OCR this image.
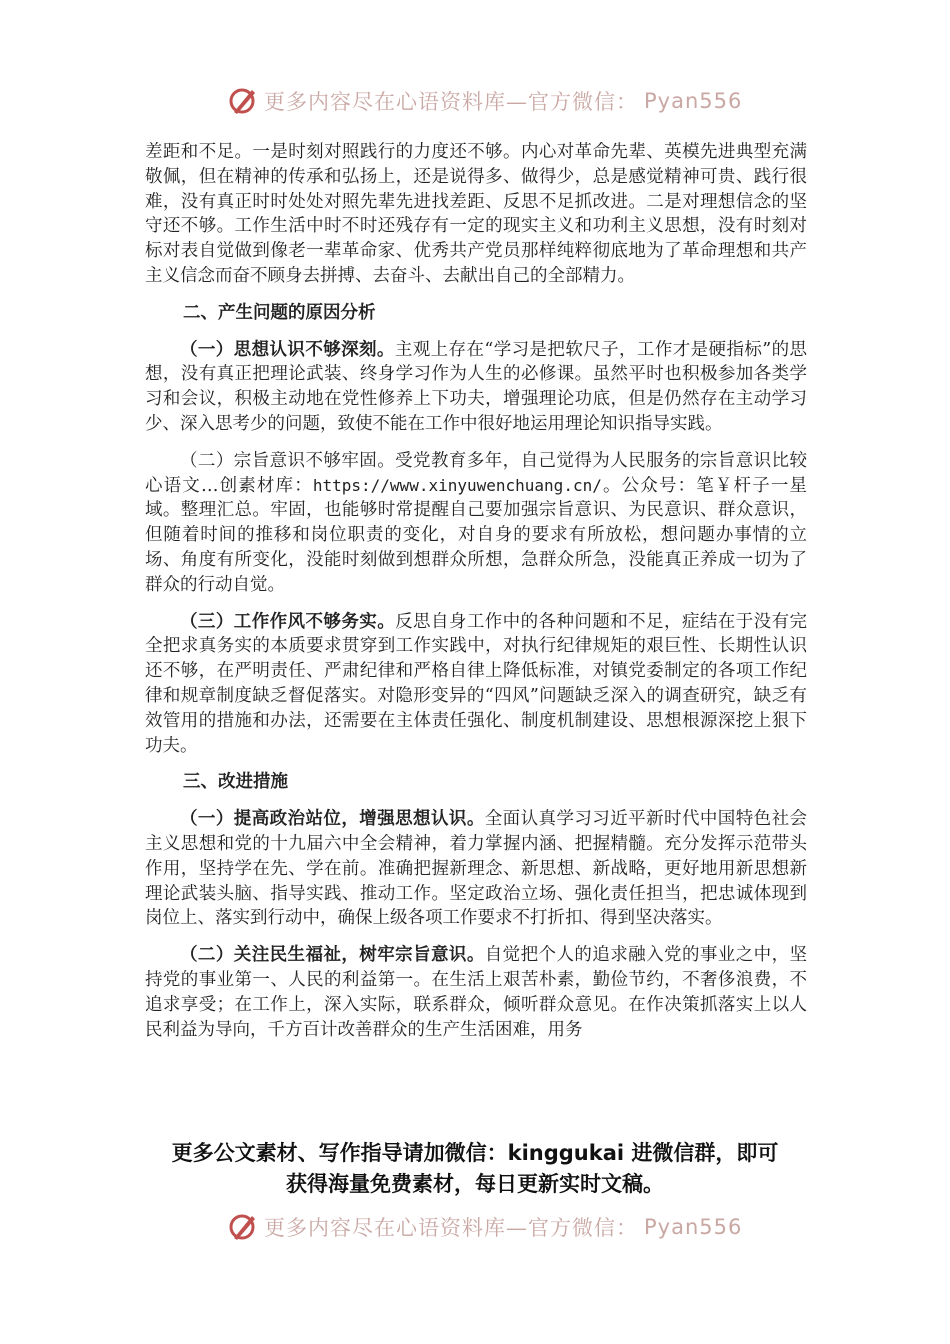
更多内容尽在心语资料库—官方微信： Pyan556

差距和不足。一是时刻对照践行的力度还不够。内心对革命先辈、英模先进典型充满敬佩，但在精神的传承和弘扬上，还是说得多、做得少，总是感觉精神可贵、践行很难，没有真正时时处处对照先辈先进找差距、反思不足抓改进。二是对理想信念的坚守还不够。工作生活中时不时还残存有一定的现实主义和功利主义思想，没有时刻对标对表自觉做到像老一辈革命家、优秀共产党员那样纯粹彻底地为了革命理想和共产主义信念而奋不顾身去拼搏、去奋斗、去献出自己的全部精力。

二、产生问题的原因分析

（一）思想认识不够深刻。主观上存在“学习是把软尺子，工作才是硬指标”的思想，没有真正把理论武装、终身学习作为人生的必修课。虽然平时也积极参加各类学习和会议，积极主动地在党性修养上下功夫，增强理论功底，但是仍然存在主动学习少、深入思考少的问题，致使不能在工作中很好地运用理论知识指导实践。

（二）宗旨意识不够牢固。受党教育多年，自己觉得为人民服务的宗旨意识比较心语文…创素材库：https://www.xinyuwenchuang.cn/。公众号：笔￥杆子一星域。整理汇总。牢固，也能够时常提醒自己要加强宗旨意识、为民意识、群众意识，但随着时间的推移和岗位职责的变化，对自身的要求有所放松，想问题办事情的立场、角度有所变化，没能时刻做到想群众所想，急群众所急，没能真正养成一切为了群众的行动自觉。

（三）工作作风不够务实。反思自身工作中的各种问题和不足，症结在于没有完全把求真务实的本质要求贯穿到工作实践中，对执行纪律规矩的艰巨性、长期性认识还不够，在严明责任、严肃纪律和严格自律上降低标准，对镇党委制定的各项工作纪律和规章制度缺乏督促落实。对隐形变异的“四风”问题缺乏深入的调查研究，缺乏有效管用的措施和办法，还需要在主体责任强化、制度机制建设、思想根源深挖上狠下功夫。

三、改进措施

（一）提高政治站位，增强思想认识。全面认真学习习近平新时代中国特色社会主义思想和党的十九届六中全会精神，着力掌握内涵、把握精髓。充分发挥示范带头作用，坚持学在先、学在前。准确把握新理念、新思想、新战略，更好地用新思想新理论武装头脑、指导实践、推动工作。坚定政治立场、强化责任担当，把忠诚体现到岗位上、落实到行动中，确保上级各项工作要求不打折扣、得到坚决落实。

（二）关注民生福祉，树牢宗旨意识。自觉把个人的追求融入党的事业之中，坚持党的事业第一、人民的利益第一。在生活上艰苦朴素，勤俭节约，不奢侈浪费，不追求享受；在工作上，深入实际，联系群众，倾听群众意见。在作决策抓落实上以人民利益为导向，千方百计改善群众的生产生活困难，用务

更多公文素材、写作指导请加微信：kinggukai 进微信群，即可
获得海量免费素材，每日更新实时文稿。
更多内容尽在心语资料库—官方微信： Pyan556
